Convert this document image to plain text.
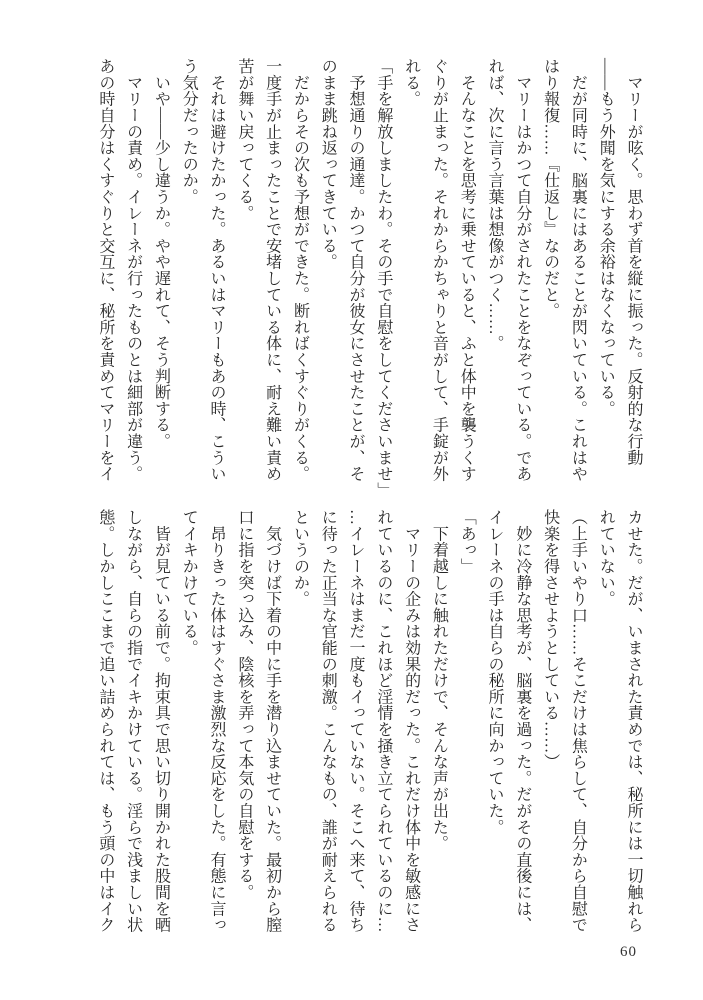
　マリーが呟く。思わず首を縦に振った。反射的な行動
――もう外聞を気にする余裕はなくなっている。
　だが同時に、脳裏にはあることが閃いている。これはや
はり報復……『仕返し』なのだと。
　マリーはかつて自分がされたことをなぞっている。であ
れば、次に言う言葉は想像がつく……。
　そんなことを思考に乗せていると、ふと体中を襲うくす
ぐりが止まった。それからかちゃりと音がして、手錠が外
れる。
「手を解放しましたわ。その手で自慰をしてくださいませ」
　予想通りの通達。かつて自分が彼女にさせたことが、そ
のまま跳ね返ってきている。
　だからその次も予想ができた。断ればくすぐりがくる。
一度手が止まったことで安堵している体に、耐え難い責め
苦が舞い戻ってくる。
　それは避けたかった。あるいはマリーもあの時、こうい
う気分だったのか。
　いや――少し違うか。やや遅れて、そう判断する。
　マリーの責め。イレーネが行ったものとは細部が違う。
あの時自分はくすぐりと交互に、秘所を責めてマリーをイ
カせた。だが、いまされた責めでは、秘所には一切触れら
れていない。
（上手いやり口……そこだけは焦らして、自分から自慰で
快楽を得させようとしている……）
　妙に冷静な思考が、脳裏を過った。だがその直後には、
イレーネの手は自らの秘所に向かっていた。
「あっ」
　下着越しに触れただけで、そんな声が出た。
　マリーの企みは効果的だった。これだけ体中を敏感にさ
れているのに、これほど淫情を掻き立てられているのに…
…イレーネはまだ一度もイっていない。そこへ来て、待ち
に待った正当な官能の刺激。こんなもの、誰が耐えられる
というのか。
　気づけば下着の中に手を潜り込ませていた。最初から膣
口に指を突っ込み、陰核を弄って本気の自慰をする。
　昂りきった体はすぐさま激烈な反応をした。有態に言っ
てイキかけている。
　皆が見ている前で。拘束具で思い切り開かれた股間を晒
しながら、自らの指でイキかけている。淫らで浅ましい状
態。しかしここまで追い詰められては、もう頭の中はイク
60
